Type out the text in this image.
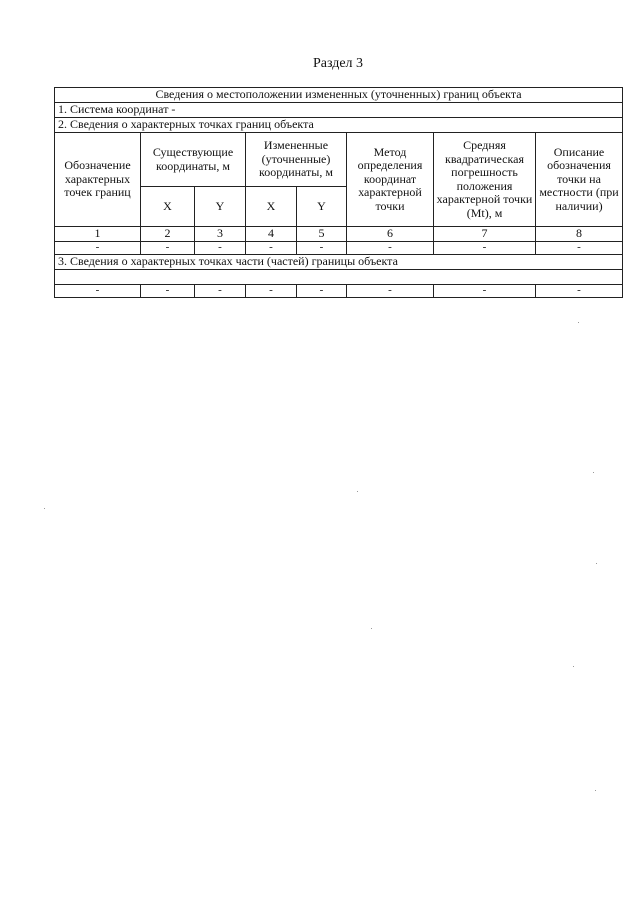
Раздел 3
Сведения о местоположении измененных (уточненных) границ объекта							
1. Система координат -							
2. Сведения о характерных точках границ объекта							
Обозначение характерных точек границ	Существующие координаты, м		Измененные (уточненные) координаты, м		Метод определения координат характерной точки	Средняя квадратическая погрешность положения характерной точки (Mt), м	Описание обозначения точки на местности (при наличии)
	X	Y	X	Y			
1	2	3	4	5	6	7	8
-	-	-	-	-	-	-	-
3. Сведения о характерных точках части (частей) границы объекта							

-	-	-	-	-	-	-	-
